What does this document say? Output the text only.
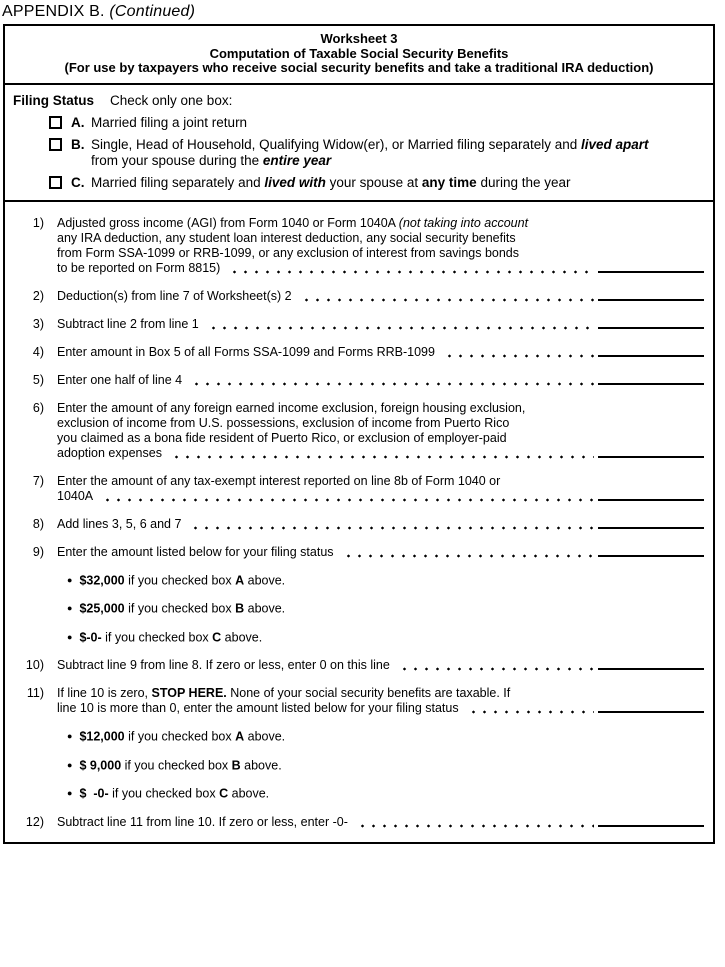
APPENDIX B. (Continued)
Worksheet 3
Computation of Taxable Social Security Benefits
(For use by taxpayers who receive social security benefits and take a traditional IRA deduction)
Filing Status Check only one box:
A. Married filing a joint return
B. Single, Head of Household, Qualifying Widow(er), or Married filing separately and lived apart
from your spouse during the entire year
C. Married filing separately and lived with your spouse at any time during the year
1) Adjusted gross income (AGI) from Form 1040 or Form 1040A (not taking into account
any IRA deduction, any student loan interest deduction, any social security benefits
from Form SSA-1099 or RRB-1099, or any exclusion of interest from savings bonds
to be reported on Form 8815)
2) Deduction(s) from line 7 of Worksheet(s) 2
3) Subtract line 2 from line 1
4) Enter amount in Box 5 of all Forms SSA-1099 and Forms RRB-1099
5) Enter one half of line 4
6) Enter the amount of any foreign earned income exclusion, foreign housing exclusion,
exclusion of income from U.S. possessions, exclusion of income from Puerto Rico
you claimed as a bona fide resident of Puerto Rico, or exclusion of employer-paid
adoption expenses
7) Enter the amount of any tax-exempt interest reported on line 8b of Form 1040 or
1040A
8) Add lines 3, 5, 6 and 7
9) Enter the amount listed below for your filing status
● $32,000 if you checked box A above.
● $25,000 if you checked box B above.
● $-0- if you checked box C above.
10) Subtract line 9 from line 8. If zero or less, enter 0 on this line
11) If line 10 is zero, STOP HERE. None of your social security benefits are taxable. If
line 10 is more than 0, enter the amount listed below for your filing status
● $12,000 if you checked box A above.
● $ 9,000 if you checked box B above.
● $  -0- if you checked box C above.
12) Subtract line 11 from line 10. If zero or less, enter -0-
